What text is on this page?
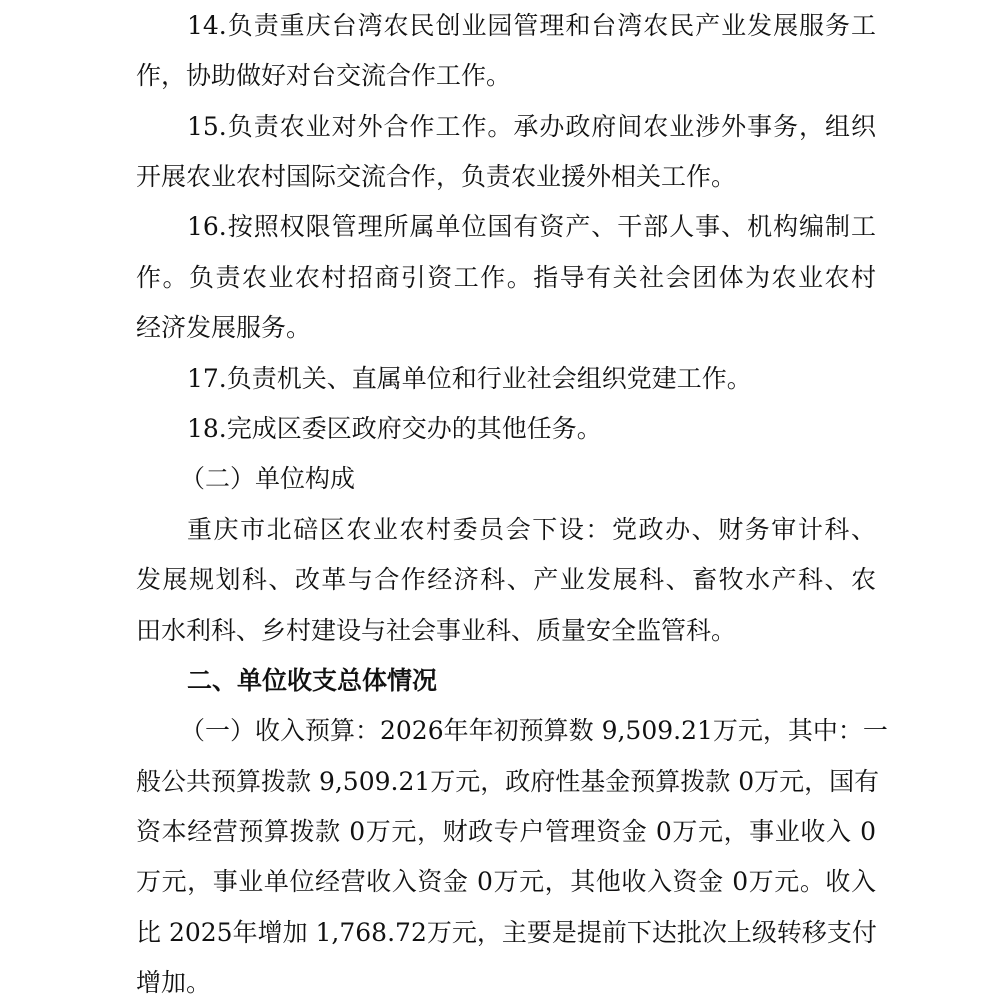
14.负责重庆台湾农民创业园管理和台湾农民产业发展服务工

作，协助做好对台交流合作工作。

15.负责农业对外合作工作。承办政府间农业涉外事务，组织

开展农业农村国际交流合作，负责农业援外相关工作。

16.按照权限管理所属单位国有资产、干部人事、机构编制工

作。负责农业农村招商引资工作。指导有关社会团体为农业农村

经济发展服务。

17.负责机关、直属单位和行业社会组织党建工作。

18.完成区委区政府交办的其他任务。

（二）单位构成

重庆市北碚区农业农村委员会下设：党政办、财务审计科、

发展规划科、改革与合作经济科、产业发展科、畜牧水产科、农

田水利科、乡村建设与社会事业科、质量安全监管科。

二、单位收支总体情况

（一）收入预算：2026年年初预算数 9,509.21万元，其中：一

般公共预算拨款 9,509.21万元，政府性基金预算拨款 0万元，国有

资本经营预算拨款 0万元，财政专户管理资金 0万元，事业收入 0

万元，事业单位经营收入资金 0万元，其他收入资金 0万元。收入

比 2025年增加 1,768.72万元，主要是提前下达批次上级转移支付

增加。
